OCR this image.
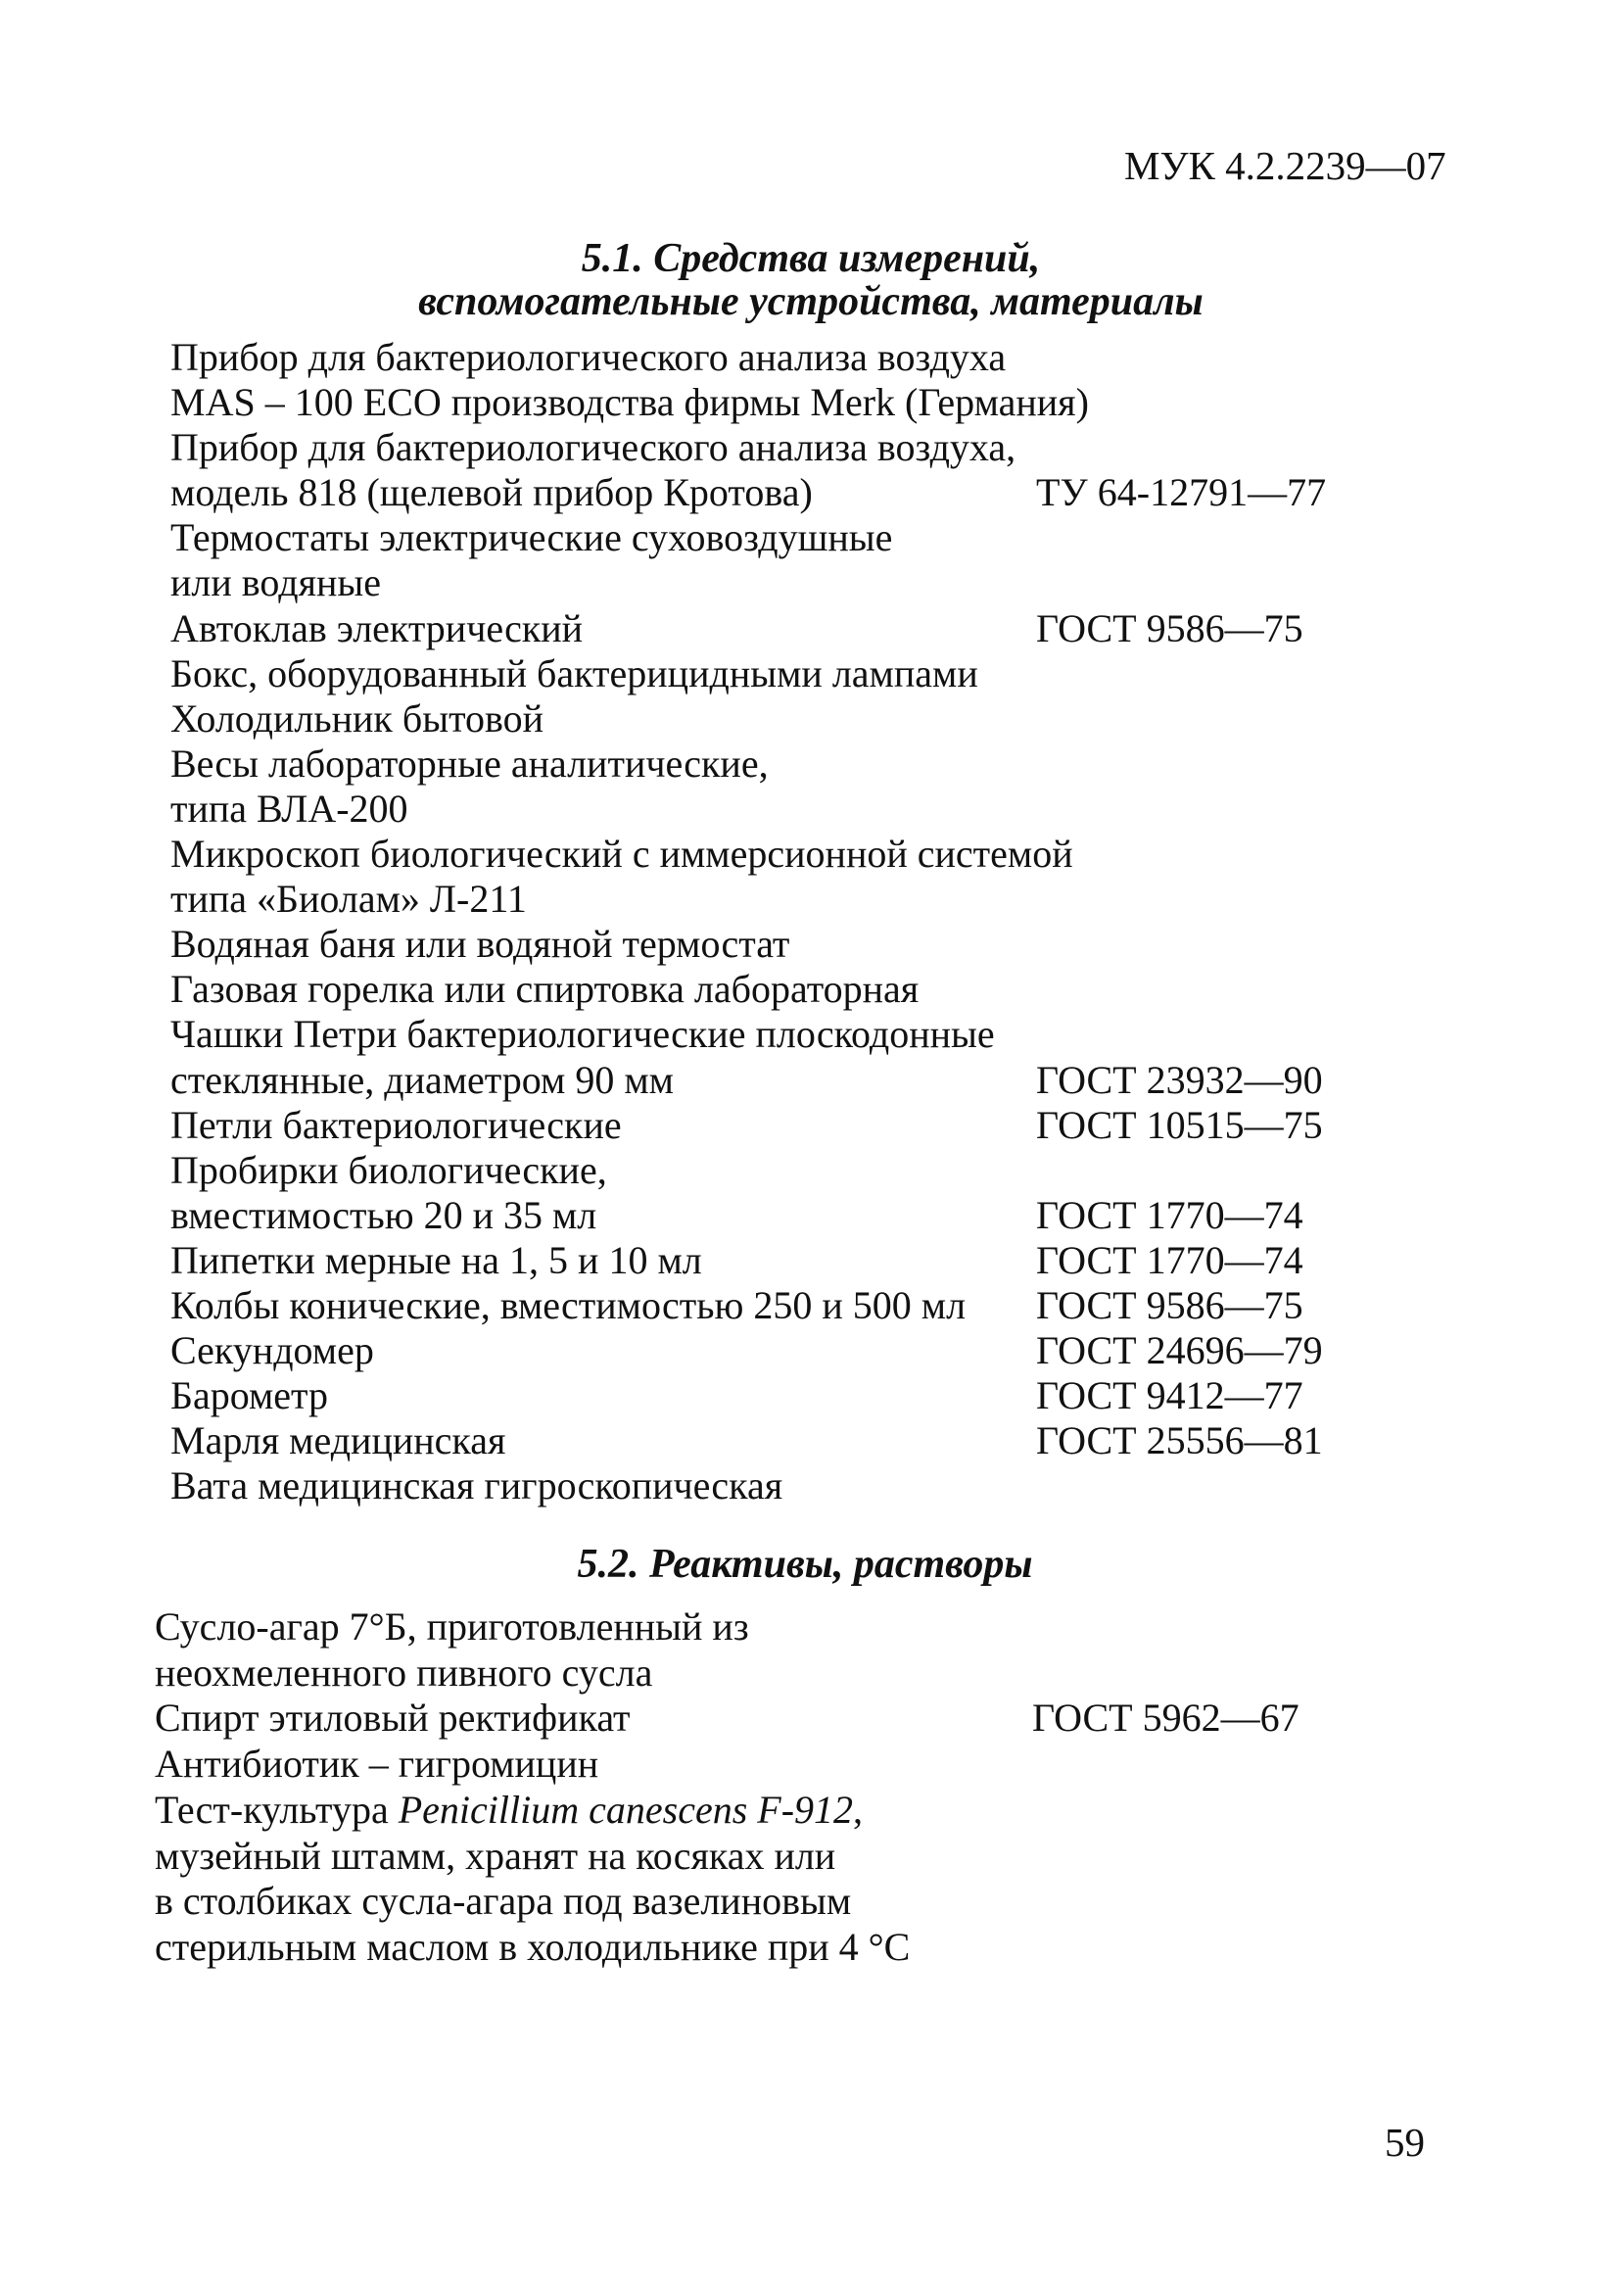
МУК 4.2.2239—07
5.1. Средства измерений,
вспомогательные устройства, материалы
Прибор для бактериологического анализа воздуха
MAS – 100 ECO производства фирмы Merk (Германия)
Прибор для бактериологического анализа воздуха,
модель 818 (щелевой прибор Кротова)	ТУ 64-12791—77
Термостаты электрические суховоздушные
или водяные
Автоклав электрический	ГОСТ 9586—75
Бокс, оборудованный бактерицидными лампами
Холодильник бытовой
Весы лабораторные аналитические,
типа ВЛА-200
Микроскоп биологический с иммерсионной системой
типа «Биолам» Л-211
Водяная баня или водяной термостат
Газовая горелка или спиртовка лабораторная
Чашки Петри бактериологические плоскодонные
стеклянные, диаметром 90 мм	ГОСТ 23932—90
Петли бактериологические	ГОСТ 10515—75
Пробирки биологические,
вместимостью 20 и 35 мл	ГОСТ 1770—74
Пипетки мерные на 1, 5 и 10 мл	ГОСТ 1770—74
Колбы конические, вместимостью 250 и 500 мл ГОСТ 9586—75
Секундомер	ГОСТ 24696—79
Барометр	ГОСТ 9412—77
Марля медицинская	ГОСТ 25556—81
Вата медицинская гигроскопическая
5.2. Реактивы, растворы
Сусло-агар 7°Б, приготовленный из
неохмеленного пивного сусла
Спирт этиловый ректификат	ГОСТ 5962—67
Антибиотик – гигромицин
Тест-культура Penicillium canescens F-912,
музейный штамм, хранят на косяках или
в столбиках сусла-агара под вазелиновым
стерильным маслом в холодильнике при 4 °С
59
